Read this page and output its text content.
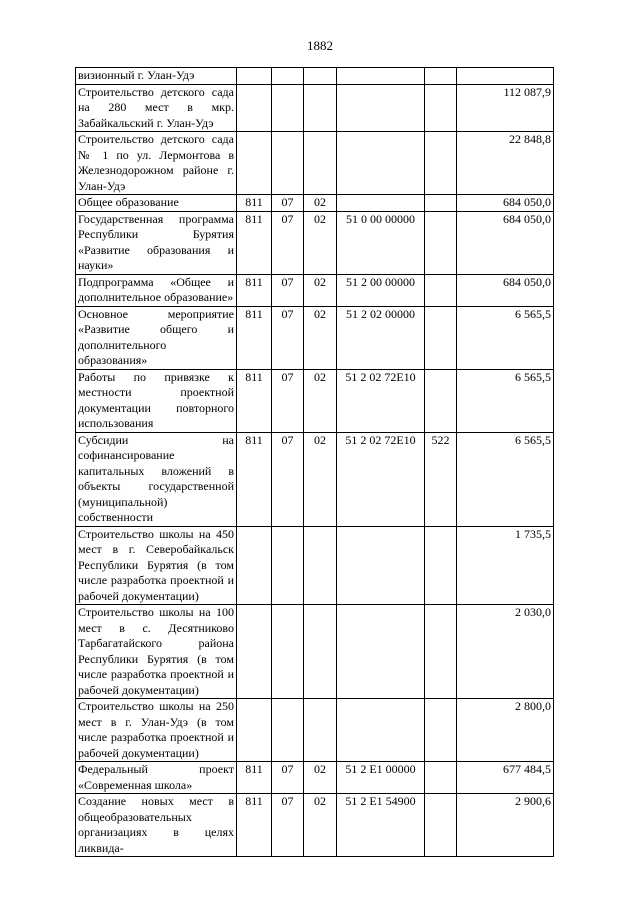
1882
визионный г. Улан-Удэ						
Строительство детского сада на 280 мест в мкр. Забайкальский г. Улан-Удэ						112 087,9
Строительство детского сада № 1 по ул. Лермонтова в Железнодорожном районе г. Улан-Удэ						22 848,8
Общее образование	811	07	02			684 050,0
Государственная программа Республики Бурятия «Развитие образования и науки»	811	07	02	51 0 00 00000		684 050,0
Подпрограмма «Общее и дополнительное образование»	811	07	02	51 2 00 00000		684 050,0
Основное мероприятие «Развитие общего и дополнительного образования»	811	07	02	51 2 02 00000		6 565,5
Работы по привязке к местности проектной документации повторного использования	811	07	02	51 2 02 72Е10		6 565,5
Субсидии на софинансирование капитальных вложений в объекты государственной (муниципальной) собственности	811	07	02	51 2 02 72Е10	522	6 565,5
Строительство школы на 450 мест в г. Северобайкальск Республики Бурятия (в том числе разработка проектной и рабочей документации)						1 735,5
Строительство школы на 100 мест в с. Десятниково Тарбагатайского района Республики Бурятия (в том числе разработка проектной и рабочей документации)						2 030,0
Строительство школы на 250 мест в г. Улан-Удэ (в том числе разработка проектной и рабочей документации)						2 800,0
Федеральный проект «Современная школа»	811	07	02	51 2 Е1 00000		677 484,5
Создание новых мест в общеобразовательных организациях в целях ликвида-	811	07	02	51 2 Е1 54900		2 900,6
